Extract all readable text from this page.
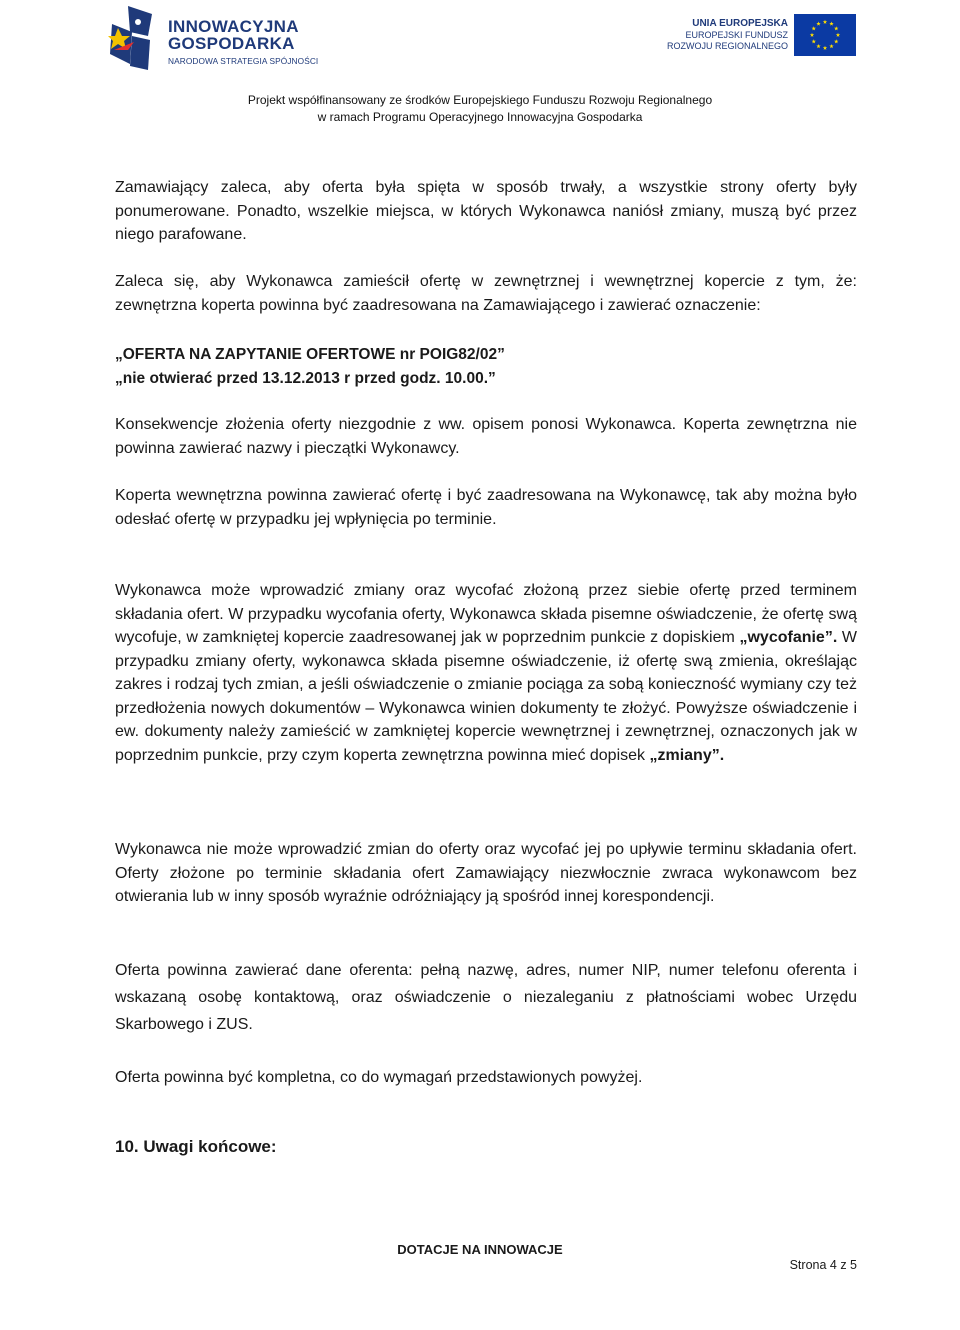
INNOWACYJNA
GOSPODARKA
NARODOWA STRATEGIA SPÓJNOŚCI
UNIA EUROPEJSKA
EUROPEJSKI FUNDUSZ
ROZWOJU REGIONALNEGO
Projekt współfinansowany ze środków Europejskiego Funduszu Rozwoju Regionalnego
w ramach Programu Operacyjnego Innowacyjna Gospodarka

Zamawiający zaleca, aby oferta była spięta w sposób trwały, a wszystkie strony oferty były ponumerowane. Ponadto, wszelkie miejsca, w których Wykonawca naniósł zmiany, muszą być przez niego parafowane.

Zaleca się, aby Wykonawca zamieścił ofertę w zewnętrznej i wewnętrznej kopercie z tym, że: zewnętrzna koperta powinna być zaadresowana na Zamawiającego i zawierać oznaczenie:

„OFERTA NA ZAPYTANIE OFERTOWE nr POIG82/02”
„nie otwierać przed 13.12.2013 r przed godz. 10.00.”

Konsekwencje złożenia oferty niezgodnie z ww. opisem ponosi Wykonawca. Koperta zewnętrzna nie powinna zawierać nazwy i pieczątki Wykonawcy.

Koperta wewnętrzna powinna zawierać ofertę i być zaadresowana na Wykonawcę, tak aby można było odesłać ofertę w przypadku jej wpłynięcia po terminie.

Wykonawca może wprowadzić zmiany oraz wycofać złożoną przez siebie ofertę przed terminem składania ofert. W przypadku wycofania oferty, Wykonawca składa pisemne oświadczenie, że ofertę swą wycofuje, w zamkniętej kopercie zaadresowanej jak w poprzednim punkcie z dopiskiem „wycofanie”. W przypadku zmiany oferty, wykonawca składa pisemne oświadczenie, iż ofertę swą zmienia, określając zakres i rodzaj tych zmian, a jeśli oświadczenie o zmianie pociąga za sobą konieczność wymiany czy też przedłożenia nowych dokumentów – Wykonawca winien dokumenty te złożyć. Powyższe oświadczenie i ew. dokumenty należy zamieścić w zamkniętej kopercie wewnętrznej i zewnętrznej, oznaczonych jak w poprzednim punkcie, przy czym koperta zewnętrzna powinna mieć dopisek „zmiany”.

Wykonawca nie może wprowadzić zmian do oferty oraz wycofać jej po upływie terminu składania ofert. Oferty złożone po terminie składania ofert Zamawiający niezwłocznie zwraca wykonawcom bez otwierania lub w inny sposób wyraźnie odróżniający ją spośród innej korespondencji.

Oferta powinna zawierać dane oferenta: pełną nazwę, adres, numer NIP, numer telefonu oferenta i wskazaną osobę kontaktową, oraz oświadczenie o niezaleganiu z płatnościami wobec Urzędu Skarbowego i ZUS.

Oferta powinna być kompletna, co do wymagań przedstawionych powyżej.

10. Uwagi końcowe:
DOTACJE NA INNOWACJE
Strona 4 z 5
